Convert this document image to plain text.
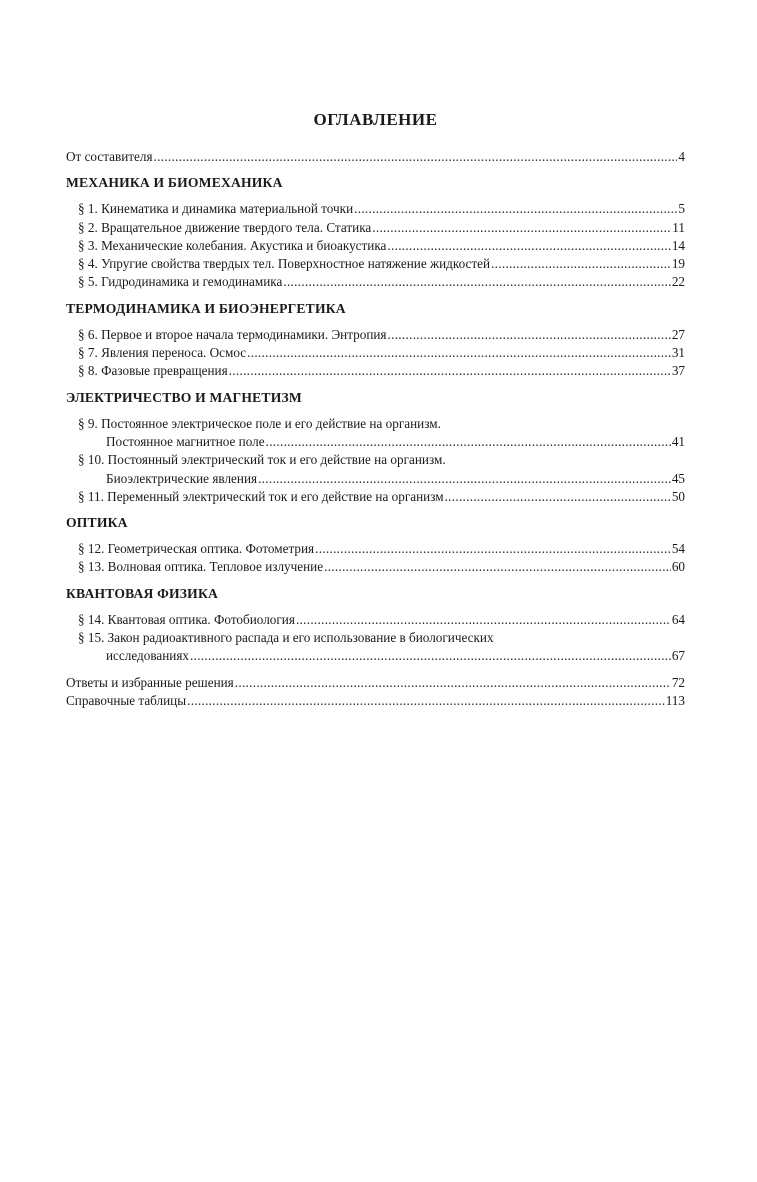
ОГЛАВЛЕНИЕ
От составителя .....	4
МЕХАНИКА И БИОМЕХАНИКА
§ 1. Кинематика и динамика материальной точки .....	5
§ 2. Вращательное движение твердого тела. Статика .....	11
§ 3. Механические колебания. Акустика и биоакустика .....	14
§ 4. Упругие свойства твердых тел. Поверхностное натяжение жидкостей .....	19
§ 5. Гидродинамика и гемодинамика .....	22
ТЕРМОДИНАМИКА И БИОЭНЕРГЕТИКА
§ 6. Первое и второе начала термодинамики. Энтропия .....	27
§ 7. Явления переноса. Осмос .....	31
§ 8. Фазовые превращения .....	37
ЭЛЕКТРИЧЕСТВО И МАГНЕТИЗМ
§ 9. Постоянное электрическое поле и его действие на организм.
Постоянное магнитное поле .....	41
§ 10. Постоянный электрический ток и его действие на организм.
Биоэлектрические явления .....	45
§ 11. Переменный электрический ток и его действие на организм .....	50
ОПТИКА
§ 12. Геометрическая оптика. Фотометрия .....	54
§ 13. Волновая оптика. Тепловое излучение .....	60
КВАНТОВАЯ ФИЗИКА
§ 14. Квантовая оптика. Фотобиология .....	64
§ 15. Закон радиоактивного распада и его использование в биологических
исследованиях .....	67
Ответы и избранные решения .....	72
Справочные таблицы .....	113
